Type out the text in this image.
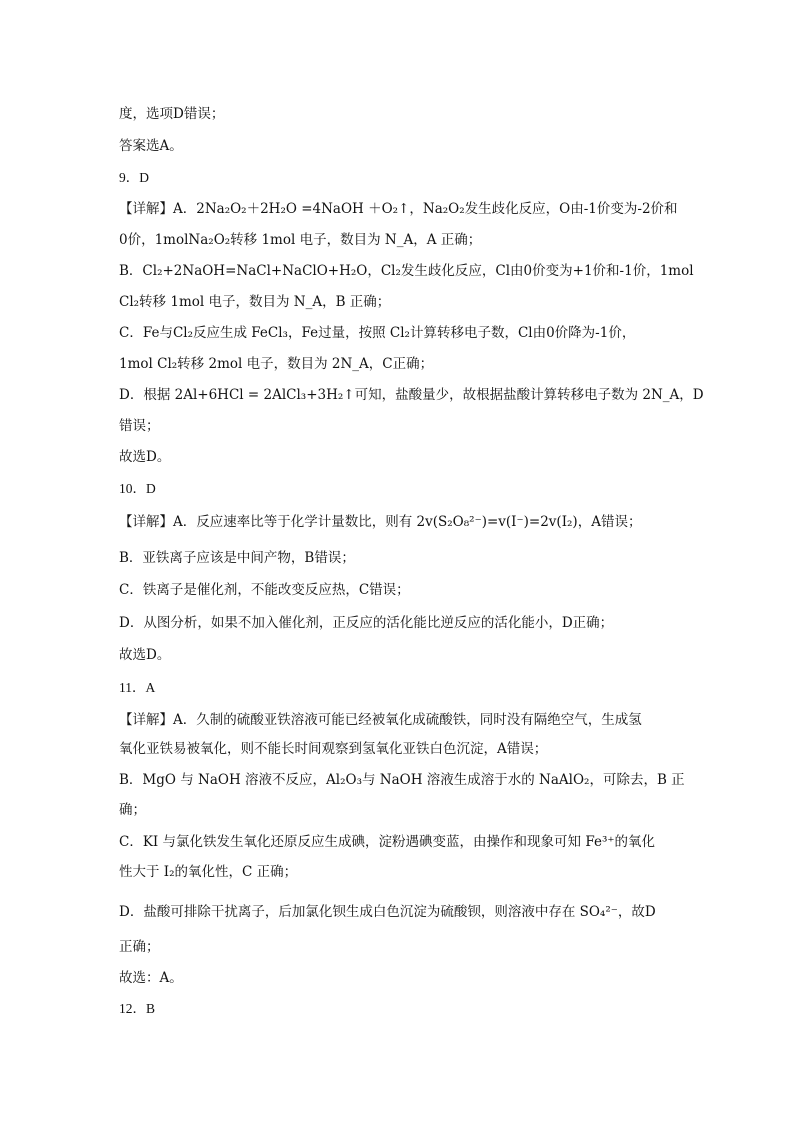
度，选项D错误；
答案选A。
9．D
【详解】A．2Na₂O₂＋2H₂O =4NaOH ＋O₂↑，Na₂O₂发生歧化反应，O由-1价变为-2价和
0价，1molNa₂O₂转移 1mol 电子，数目为 N_A，A 正确；
B．Cl₂+2NaOH=NaCl+NaClO+H₂O，Cl₂发生歧化反应，Cl由0价变为+1价和-1价，1mol
Cl₂转移 1mol 电子，数目为 N_A，B 正确；
C．Fe与Cl₂反应生成 FeCl₃，Fe过量，按照 Cl₂计算转移电子数，Cl由0价降为-1价，
1mol Cl₂转移 2mol 电子，数目为 2N_A，C正确；
D．根据 2Al+6HCl = 2AlCl₃+3H₂↑可知，盐酸量少，故根据盐酸计算转移电子数为 2N_A，D
错误；
故选D。
10．D
【详解】A．反应速率比等于化学计量数比，则有 2v(S₂O₈²⁻)=v(I⁻)=2v(I₂)，A错误；
B．亚铁离子应该是中间产物，B错误；
C．铁离子是催化剂，不能改变反应热，C错误；
D．从图分析，如果不加入催化剂，正反应的活化能比逆反应的活化能小，D正确；
故选D。
11．A
【详解】A．久制的硫酸亚铁溶液可能已经被氧化成硫酸铁，同时没有隔绝空气，生成氢
氧化亚铁易被氧化，则不能长时间观察到氢氧化亚铁白色沉淀，A错误；
B．MgO 与 NaOH 溶液不反应，Al₂O₃与 NaOH 溶液生成溶于水的 NaAlO₂，可除去，B 正
确；
C．KI 与氯化铁发生氧化还原反应生成碘，淀粉遇碘变蓝，由操作和现象可知 Fe³⁺的氧化
性大于 I₂的氧化性，C 正确；
D．盐酸可排除干扰离子，后加氯化钡生成白色沉淀为硫酸钡，则溶液中存在 SO₄²⁻，故D
正确；
故选：A。
12．B
